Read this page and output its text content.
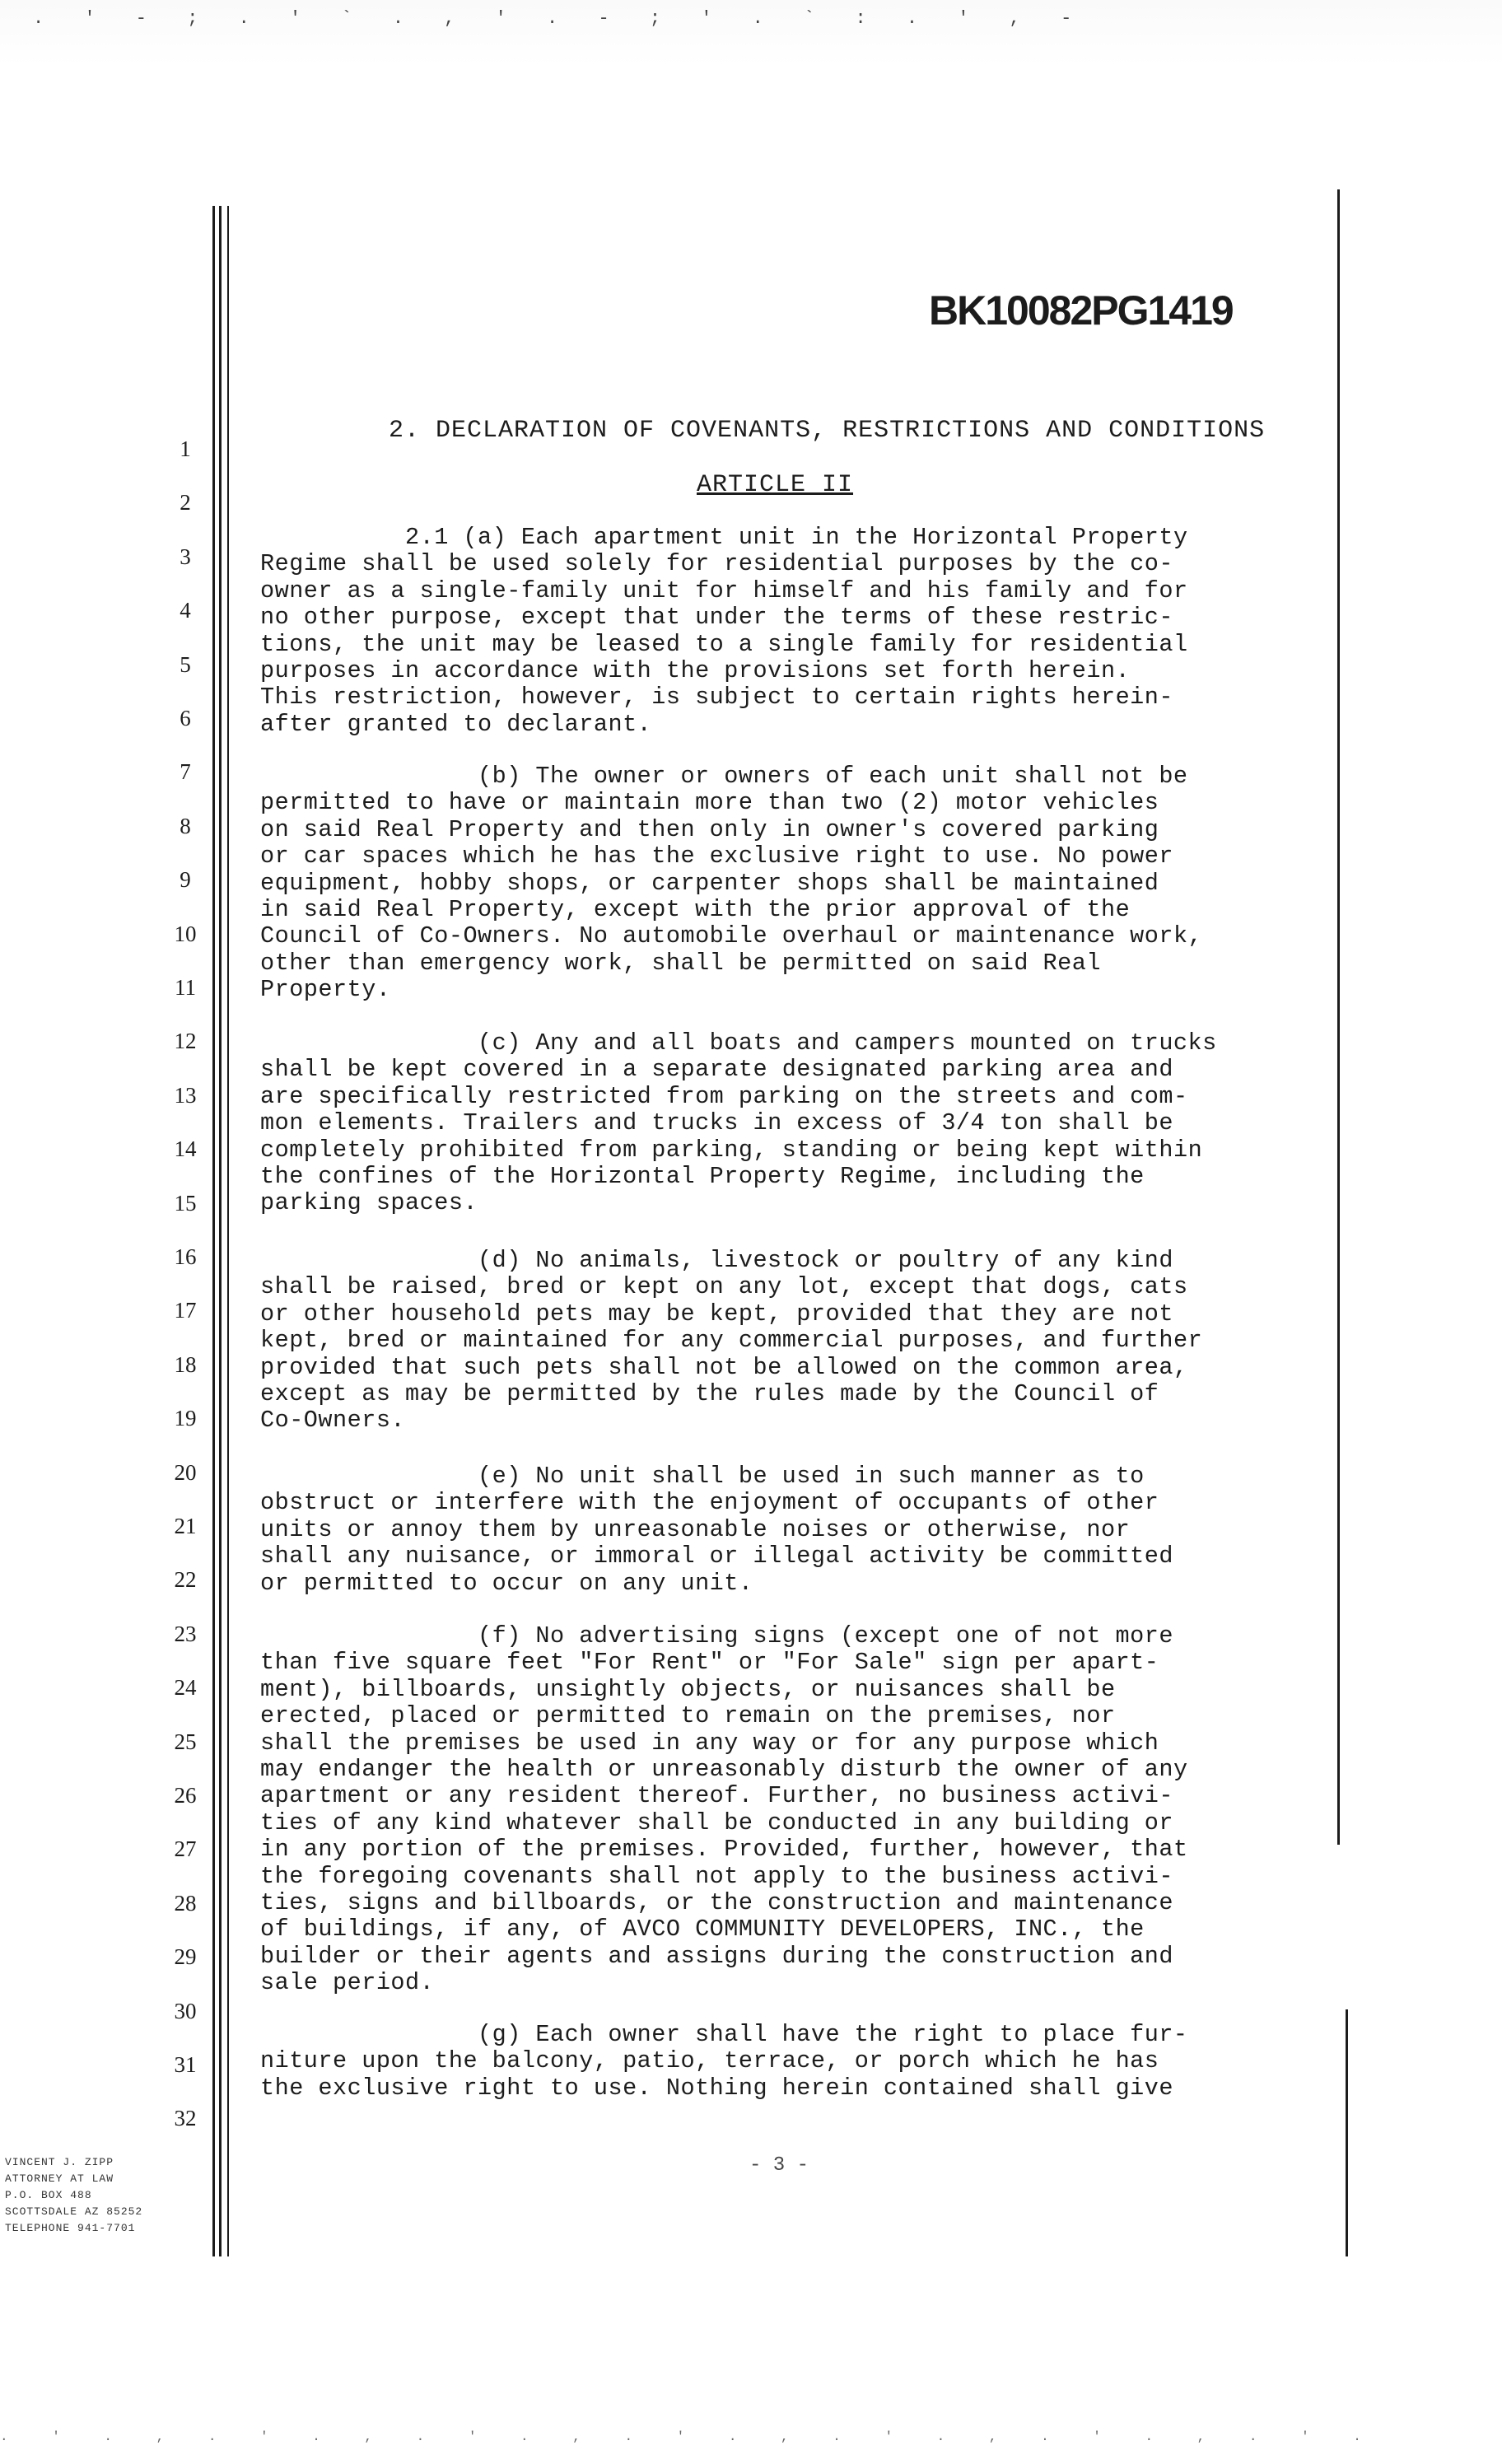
. ' - ; . ' ` . , ' . - ; ' . ` : . ' , -
BK10082PG1419
1
2
3
4
5
6
7
8
9
10
11
12
13
14
15
16
17
18
19
20
21
22
23
24
25
26
27
28
29
30
31
32
2. DECLARATION OF COVENANTS, RESTRICTIONS AND CONDITIONS
ARTICLE II
2.1 (a) Each apartment unit in the Horizontal Property
Regime shall be used solely for residential purposes by the co-
owner as a single-family unit for himself and his family and for
no other purpose, except that under the terms of these restric-
tions, the unit may be leased to a single family for residential
purposes in accordance with the provisions set forth herein.
This restriction, however, is subject to certain rights herein-
after granted to declarant.
(b) The owner or owners of each unit shall not be
permitted to have or maintain more than two (2) motor vehicles
on said Real Property and then only in owner's covered parking
or car spaces which he has the exclusive right to use. No power
equipment, hobby shops, or carpenter shops shall be maintained
in said Real Property, except with the prior approval of the
Council of Co-Owners. No automobile overhaul or maintenance work,
other than emergency work, shall be permitted on said Real
Property.
(c) Any and all boats and campers mounted on trucks
shall be kept covered in a separate designated parking area and
are specifically restricted from parking on the streets and com-
mon elements. Trailers and trucks in excess of 3/4 ton shall be
completely prohibited from parking, standing or being kept within
the confines of the Horizontal Property Regime, including the
parking spaces.
(d) No animals, livestock or poultry of any kind
shall be raised, bred or kept on any lot, except that dogs, cats
or other household pets may be kept, provided that they are not
kept, bred or maintained for any commercial purposes, and further
provided that such pets shall not be allowed on the common area,
except as may be permitted by the rules made by the Council of
Co-Owners.
(e) No unit shall be used in such manner as to
obstruct or interfere with the enjoyment of occupants of other
units or annoy them by unreasonable noises or otherwise, nor
shall any nuisance, or immoral or illegal activity be committed
or permitted to occur on any unit.
(f) No advertising signs (except one of not more
than five square feet "For Rent" or "For Sale" sign per apart-
ment), billboards, unsightly objects, or nuisances shall be
erected, placed or permitted to remain on the premises, nor
shall the premises be used in any way or for any purpose which
may endanger the health or unreasonably disturb the owner of any
apartment or any resident thereof. Further, no business activi-
ties of any kind whatever shall be conducted in any building or
in any portion of the premises. Provided, further, however, that
the foregoing covenants shall not apply to the business activi-
ties, signs and billboards, or the construction and maintenance
of buildings, if any, of AVCO COMMUNITY DEVELOPERS, INC., the
builder or their agents and assigns during the construction and
sale period.
(g) Each owner shall have the right to place fur-
niture upon the balcony, patio, terrace, or porch which he has
the exclusive right to use. Nothing herein contained shall give
VINCENT J. ZIPP
ATTORNEY AT LAW
P.O. BOX 488
SCOTTSDALE AZ 85252
TELEPHONE 941-7701
- 3 -
. ' . , . ' . , . ' . , . ' . , . ' . , . ' . , . ' .
